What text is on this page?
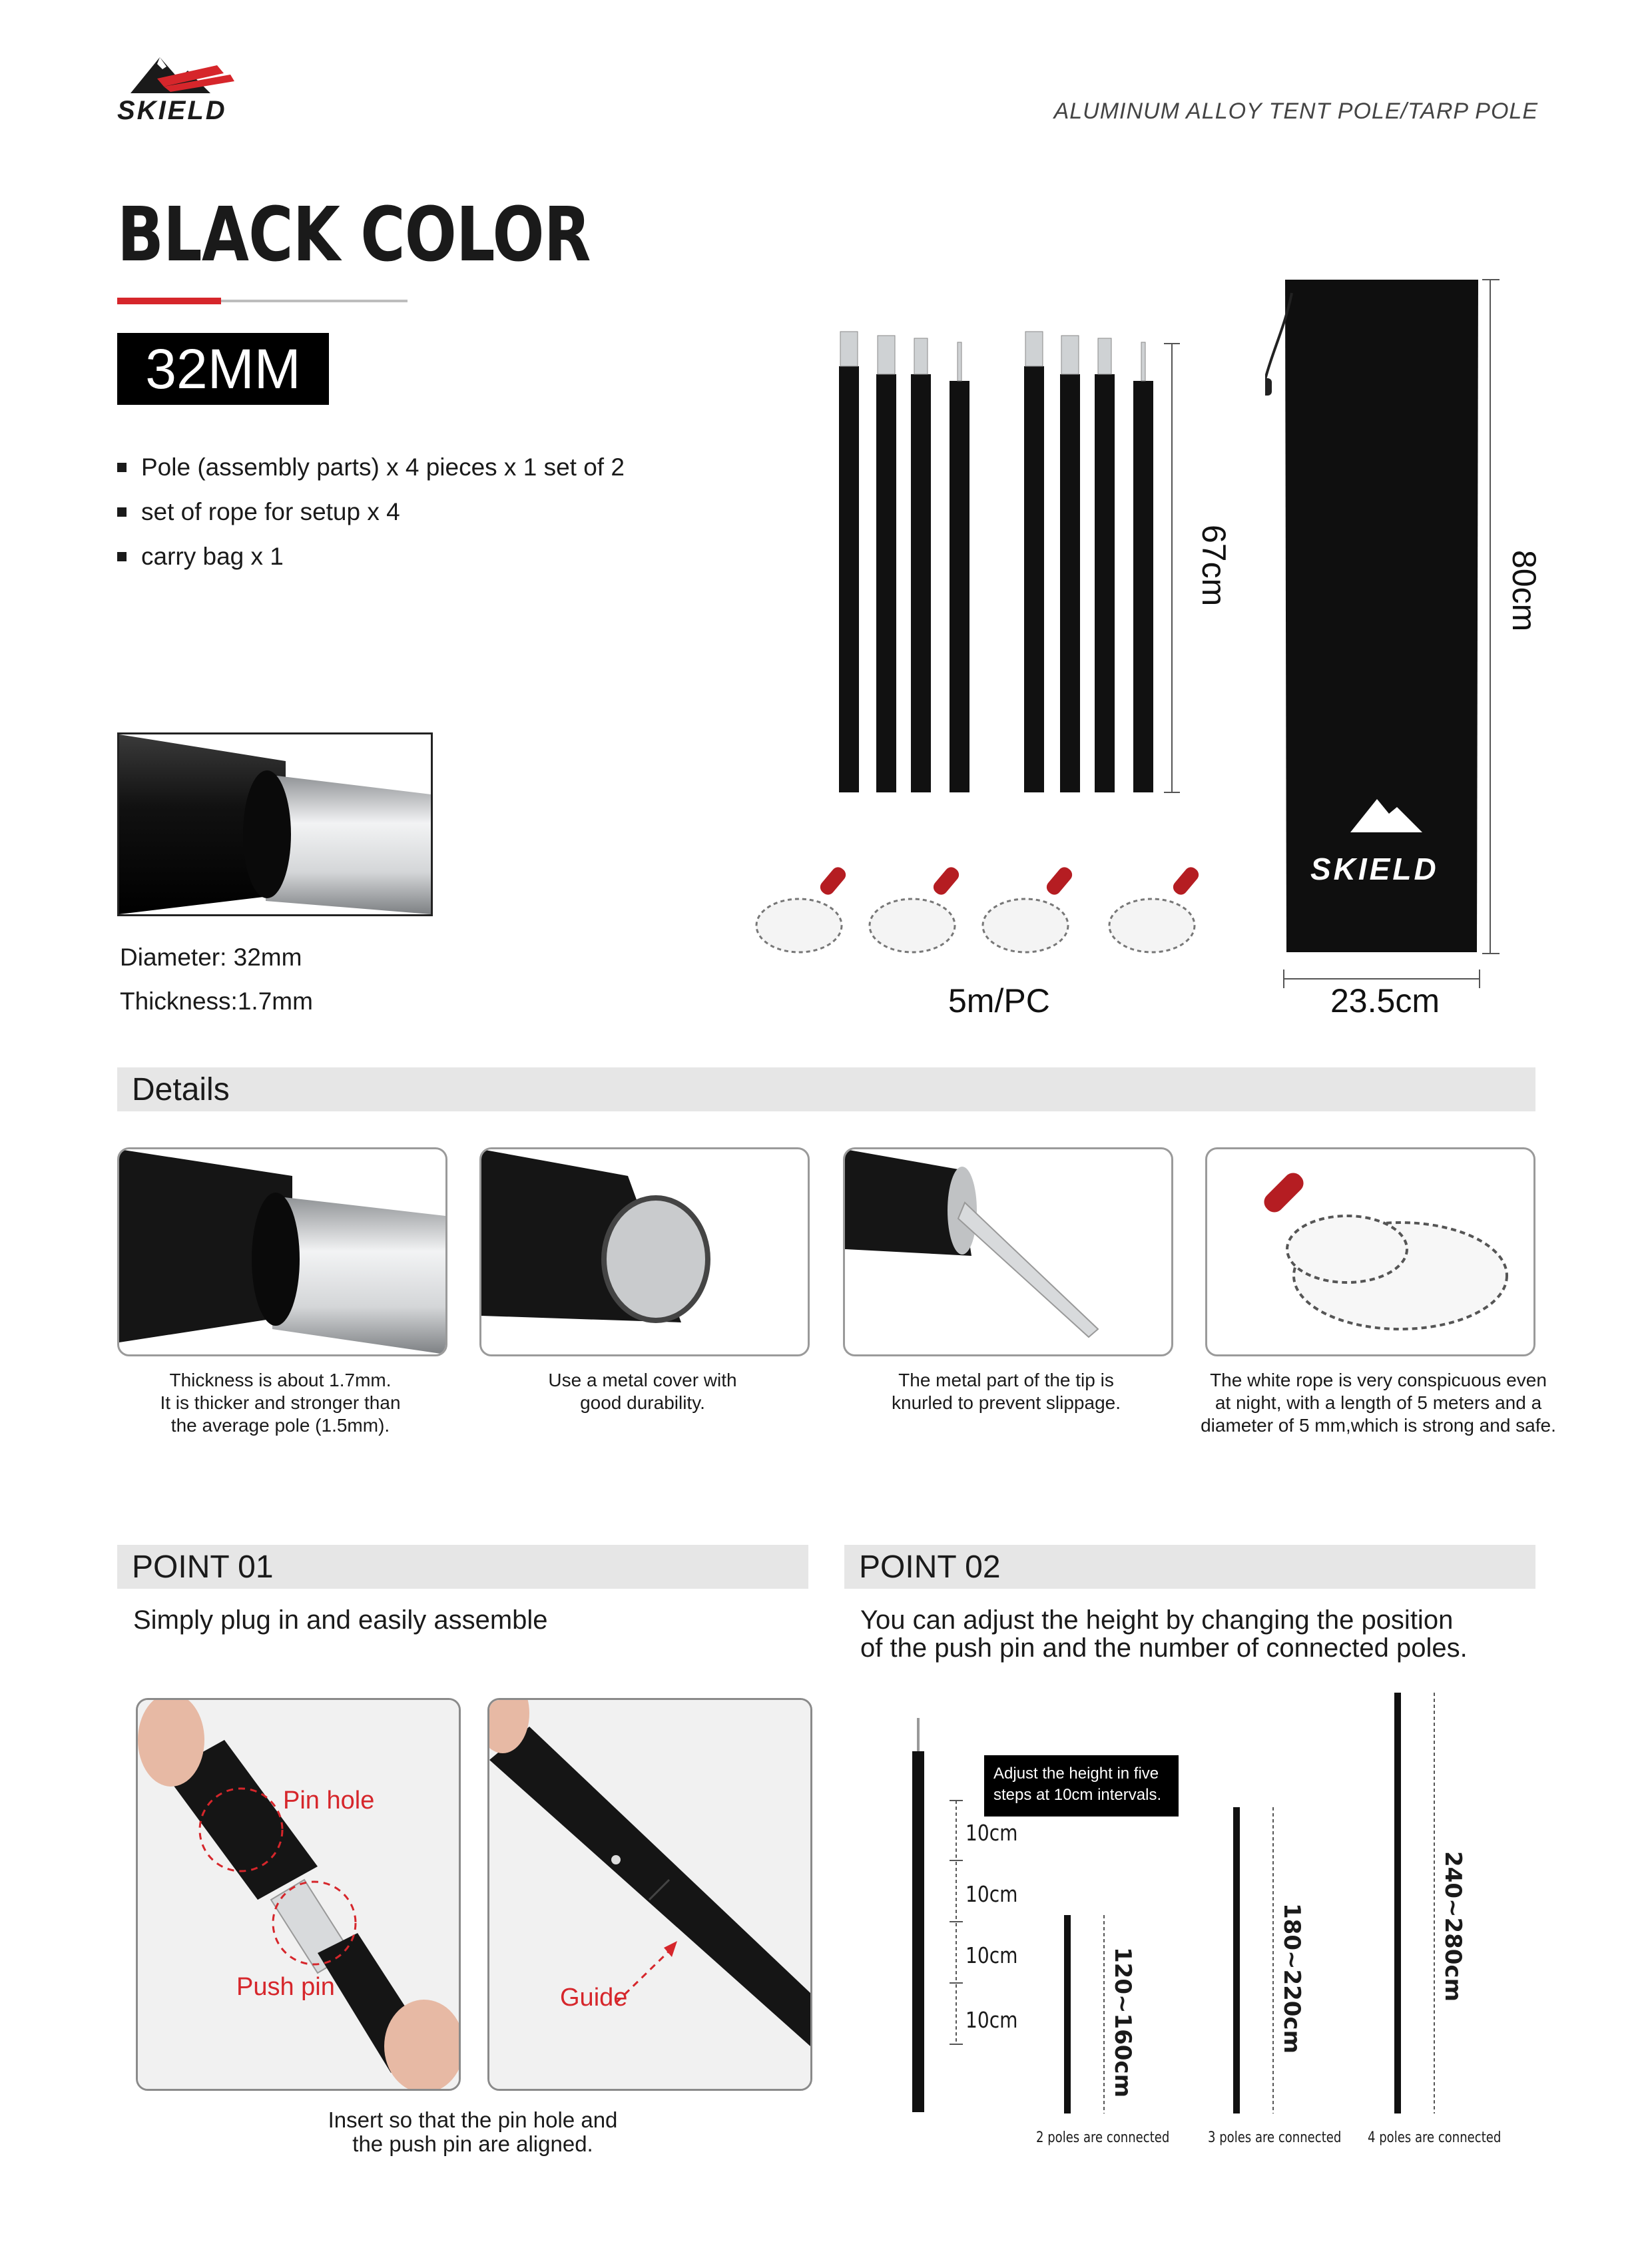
SKIELD	ALUMINUM ALLOY TENT POLE/TARP POLE
BLACK COLOR
32MM
Pole (assembly parts) x 4 pieces x 1 set of 2
set of rope for setup x 4
carry bag x 1
Diameter: 32mm
Thickness:1.7mm
67cm
SKIELD
80cm
23.5cm
5m/PC
Details
Thickness is about 1.7mm.
It is thicker and stronger than
the average pole (1.5mm).
Use a metal cover with
good durability.
The metal part of the tip is
knurled to prevent slippage.
The white rope is very conspicuous even
at night, with a length of 5 meters and a
diameter of 5 mm,which is strong and safe.
POINT 01
Simply plug in and easily assemble
Pin hole
Push pin	Guide
Insert so that the pin hole and
the push pin are aligned.
POINT 02
You can adjust the height by changing the position
of the push pin and the number of connected poles.
Adjust the height in five
steps at 10cm intervals.
10cm
10cm
10cm
10cm	120~160cm	180~220cm	240~280cm
2 poles are connected	3 poles are connected 4 poles are connected
